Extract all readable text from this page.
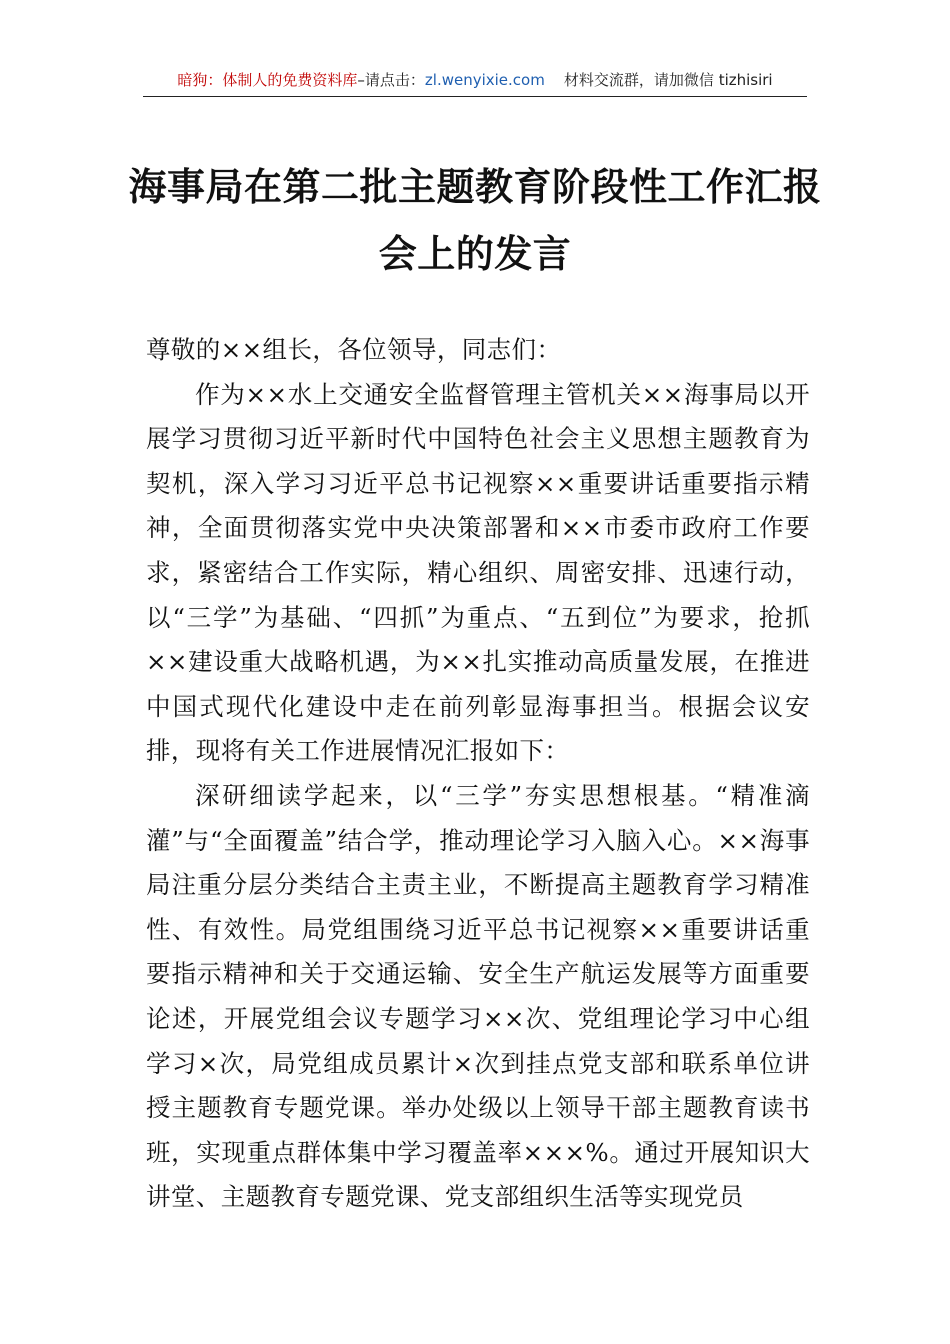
暗狗：体制人的免费资料库–请点击：zl.wenyixie.com 材料交流群，请加微信 tizhisiri
海事局在第二批主题教育阶段性工作汇报
会上的发言

尊敬的××组长，各位领导，同志们：

作为××水上交通安全监督管理主管机关××海事局以开展学习贯彻习近平新时代中国特色社会主义思想主题教育为契机，深入学习习近平总书记视察××重要讲话重要指示精神，全面贯彻落实党中央决策部署和××市委市政府工作要求，紧密结合工作实际，精心组织、周密安排、迅速行动，以“三学”为基础、“四抓”为重点、“五到位”为要求，抢抓××建设重大战略机遇，为××扎实推动高质量发展，在推进中国式现代化建设中走在前列彰显海事担当。根据会议安排，现将有关工作进展情况汇报如下：

深研细读学起来，以“三学”夯实思想根基。“精准滴灌”与“全面覆盖”结合学，推动理论学习入脑入心。××海事局注重分层分类结合主责主业，不断提高主题教育学习精准性、有效性。局党组围绕习近平总书记视察××重要讲话重要指示精神和关于交通运输、安全生产航运发展等方面重要论述，开展党组会议专题学习××次、党组理论学习中心组学习×次，局党组成员累计×次到挂点党支部和联系单位讲授主题教育专题党课。举办处级以上领导干部主题教育读书班，实现重点群体集中学习覆盖率×××%。通过开展知识大讲堂、主题教育专题党课、党支部组织生活等实现党员
